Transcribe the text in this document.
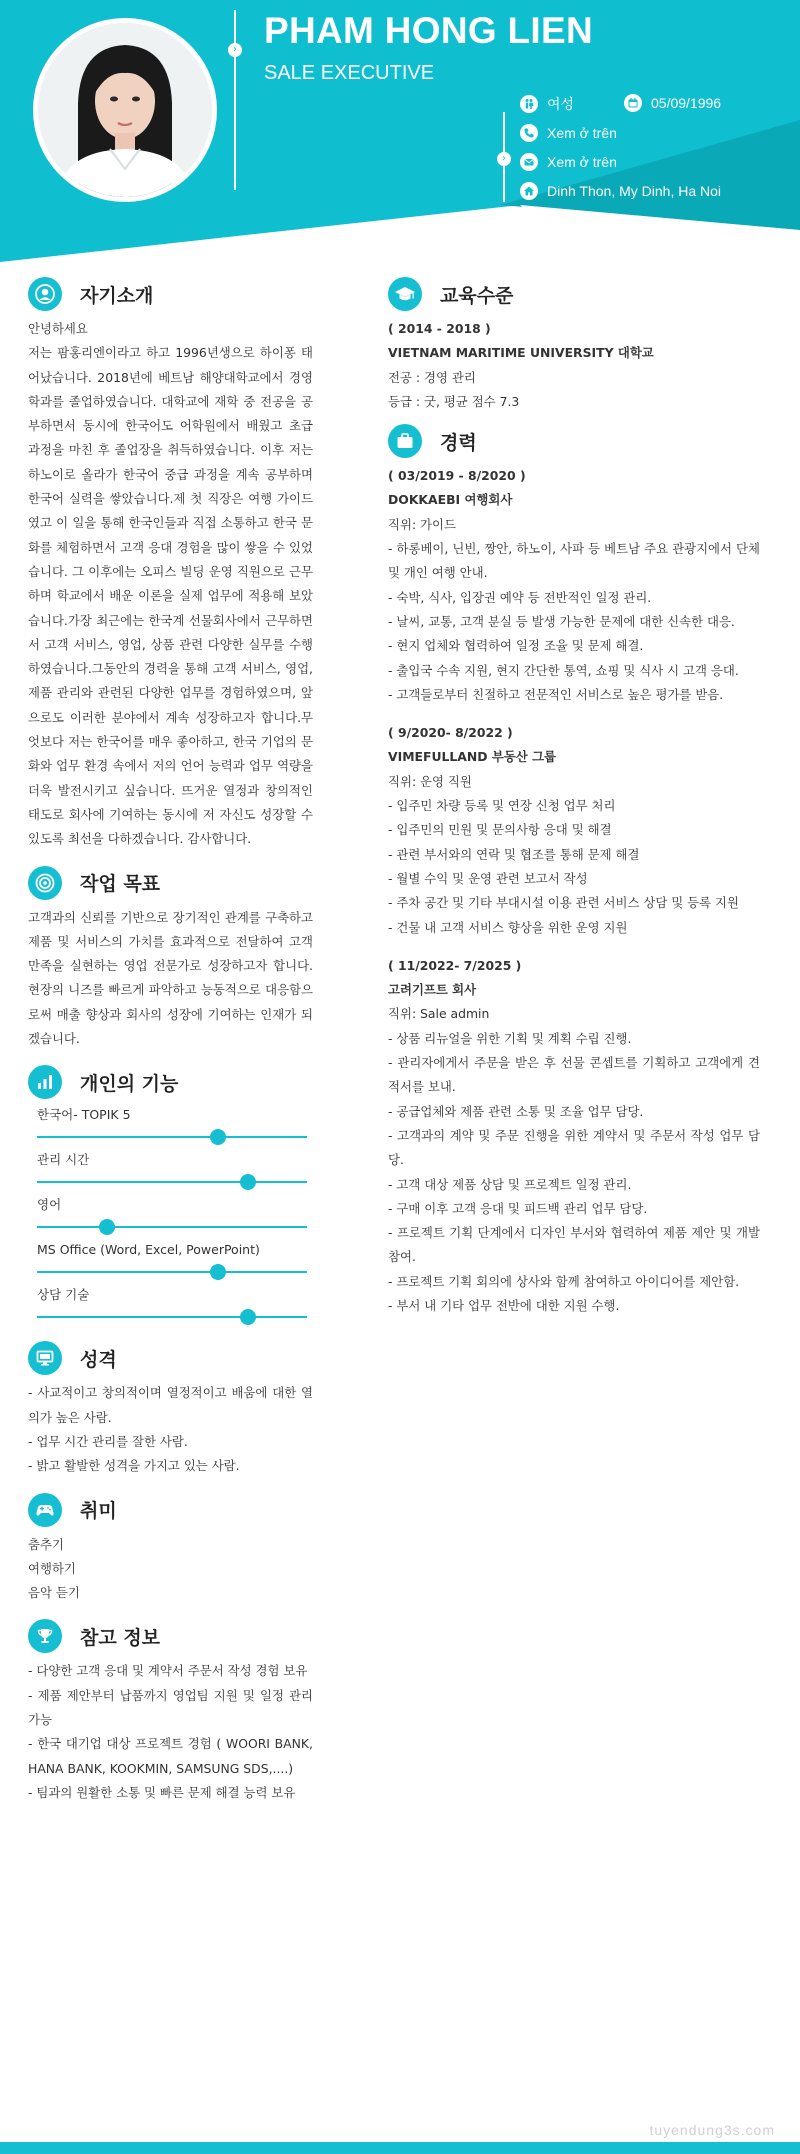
› PHAM HONG LIEN
SALE EXECUTIVE
›
여성	05/09/1996
Xem ở trên
Xem ở trên
Dinh Thon, My Dinh, Ha Noi
자기소개
안녕하세요
저는 팜홍리엔이라고 하고 1996년생으로 하이퐁 태어났습니다. 2018년에 베트남 해양대학교에서 경영학과를 졸업하였습니다. 대학교에 재학 중 전공을 공부하면서 동시에 한국어도 어학원에서 배웠고 초급 과정을 마친 후 졸업장을 취득하였습니다. 이후 저는 하노이로 올라가 한국어 중급 과정을 계속 공부하며 한국어 실력을 쌓았습니다.제 첫 직장은 여행 가이드였고 이 일을 통해 한국인들과 직접 소통하고 한국 문화를 체험하면서 고객 응대 경험을 많이 쌓을 수 있었습니다. 그 이후에는 오피스 빌딩 운영 직원으로 근무하며 학교에서 배운 이론을 실제 업무에 적용해 보았습니다.가장 최근에는 한국계 선물회사에서 근무하면서 고객 서비스, 영업, 상품 관련 다양한 실무를 수행하였습니다.그동안의 경력을 통해 고객 서비스, 영업, 제품 관리와 관련된 다양한 업무를 경험하였으며, 앞으로도 이러한 분야에서 계속 성장하고자 합니다.무엇보다 저는 한국어를 매우 좋아하고, 한국 기업의 문화와 업무 환경 속에서 저의 언어 능력과 업무 역량을 더욱 발전시키고 싶습니다. 뜨거운 열정과 창의적인 태도로 회사에 기여하는 동시에 저 자신도 성장할 수 있도록 최선을 다하겠습니다. 감사합니다.
작업 목표
고객과의 신뢰를 기반으로 장기적인 관계를 구축하고 제품 및 서비스의 가치를 효과적으로 전달하여 고객 만족을 실현하는 영업 전문가로 성장하고자 합니다. 현장의 니즈를 빠르게 파악하고 능동적으로 대응함으로써 매출 향상과 회사의 성장에 기여하는 인재가 되겠습니다.
개인의 기능
한국어- TOPIK 5
관리 시간
영어
MS Office (Word, Excel, PowerPoint)
상담 기술
성격
- 사교적이고 창의적이며 열정적이고 배움에 대한 열의가 높은 사람.
- 업무 시간 관리를 잘한 사람.
- 밝고 활발한 성격을 가지고 있는 사람.
취미
춤추기
여행하기
음악 듣기
참고 정보
- 다양한 고객 응대 및 계약서 주문서 작성 경험 보유
- 제품 제안부터 납품까지 영업팀 지원 및 일정 관리 가능
- 한국 대기업 대상 프로젝트 경험 ( WOORI BANK, HANA BANK, KOOKMIN, SAMSUNG SDS,....)
- 팀과의 원활한 소통 및 빠른 문제 해결 능력 보유
교육수준
( 2014 - 2018 )
VIETNAM MARITIME UNIVERSITY 대학교
전공 : 경영 관리
등급 : 굿, 평균 점수 7.3
경력
( 03/2019 - 8/2020 )
DOKKAEBI 여행회사
직위: 가이드
- 하롱베이, 닌빈, 짱안, 하노이, 사파 등 베트남 주요 관광지에서 단체 및 개인 여행 안내.
- 숙박, 식사, 입장권 예약 등 전반적인 일정 관리.
- 날씨, 교통, 고객 분실 등 발생 가능한 문제에 대한 신속한 대응.
- 현지 업체와 협력하여 일정 조율 및 문제 해결.
- 출입국 수속 지원, 현지 간단한 통역, 쇼핑 및 식사 시 고객 응대.
- 고객들로부터 친절하고 전문적인 서비스로 높은 평가를 받음.
( 9/2020- 8/2022 )
VIMEFULLAND 부동산 그룹
직위: 운영 직원
- 입주민 차량 등록 및 연장 신청 업무 처리
- 입주민의 민원 및 문의사항 응대 및 해결
- 관련 부서와의 연락 및 협조를 통해 문제 해결
- 월별 수익 및 운영 관련 보고서 작성
- 주차 공간 및 기타 부대시설 이용 관련 서비스 상담 및 등록 지원
- 건물 내 고객 서비스 향상을 위한 운영 지원
( 11/2022- 7/2025 )
고려기프트 회사
직위: Sale admin
- 상품 리뉴얼을 위한 기획 및 계획 수립 진행.
- 관리자에게서 주문을 받은 후 선물 콘셉트를 기획하고 고객에게 견적서를 보내.
- 공급업체와 제품 관련 소통 및 조율 업무 담당.
- 고객과의 계약 및 주문 진행을 위한 계약서 및 주문서 작성 업무 담당.
- 고객 대상 제품 상담 및 프로젝트 일정 관리.
- 구매 이후 고객 응대 및 피드백 관리 업무 담당.
- 프로젝트 기획 단계에서 디자인 부서와 협력하여 제품 제안 및 개발 참여.
- 프로젝트 기획 회의에 상사와 함께 참여하고 아이디어를 제안함.
- 부서 내 기타 업무 전반에 대한 지원 수행.
tuyendung3s.com
